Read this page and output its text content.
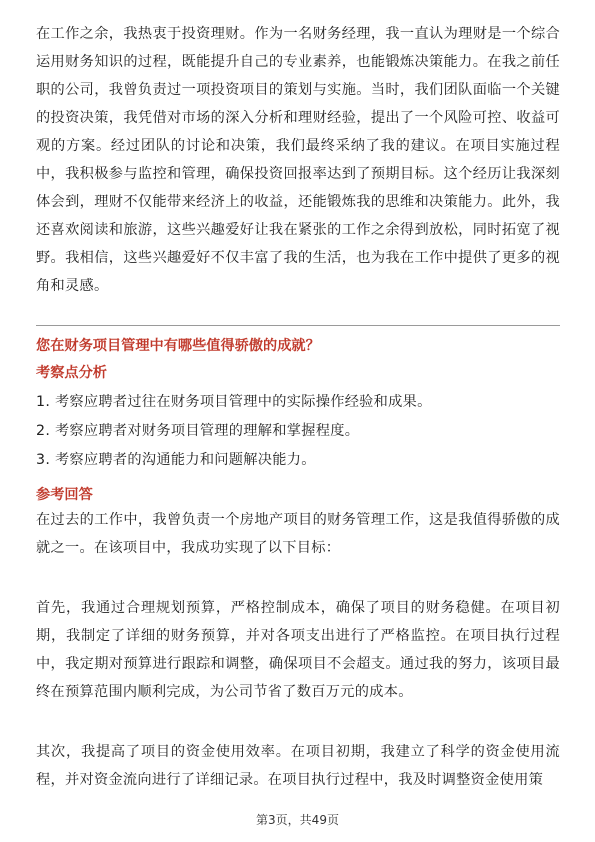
在工作之余，我热衷于投资理财。作为一名财务经理，我一直认为理财是一个综合运用财务知识的过程，既能提升自己的专业素养，也能锻炼决策能力。在我之前任职的公司，我曾负责过一项投资项目的策划与实施。当时，我们团队面临一个关键的投资决策，我凭借对市场的深入分析和理财经验，提出了一个风险可控、收益可观的方案。经过团队的讨论和决策，我们最终采纳了我的建议。在项目实施过程中，我积极参与监控和管理，确保投资回报率达到了预期目标。这个经历让我深刻体会到，理财不仅能带来经济上的收益，还能锻炼我的思维和决策能力。此外，我还喜欢阅读和旅游，这些兴趣爱好让我在紧张的工作之余得到放松，同时拓宽了视野。我相信，这些兴趣爱好不仅丰富了我的生活，也为我在工作中提供了更多的视角和灵感。

您在财务项目管理中有哪些值得骄傲的成就？
考察点分析
1. 考察应聘者过往在财务项目管理中的实际操作经验和成果。
2. 考察应聘者对财务项目管理的理解和掌握程度。
3. 考察应聘者的沟通能力和问题解决能力。
参考回答

在过去的工作中，我曾负责一个房地产项目的财务管理工作，这是我值得骄傲的成就之一。在该项目中，我成功实现了以下目标：

首先，我通过合理规划预算，严格控制成本，确保了项目的财务稳健。在项目初期，我制定了详细的财务预算，并对各项支出进行了严格监控。在项目执行过程中，我定期对预算进行跟踪和调整，确保项目不会超支。通过我的努力，该项目最终在预算范围内顺利完成，为公司节省了数百万元的成本。

其次，我提高了项目的资金使用效率。在项目初期，我建立了科学的资金使用流程，并对资金流向进行了详细记录。在项目执行过程中，我及时调整资金使用策

第3页，共49页
